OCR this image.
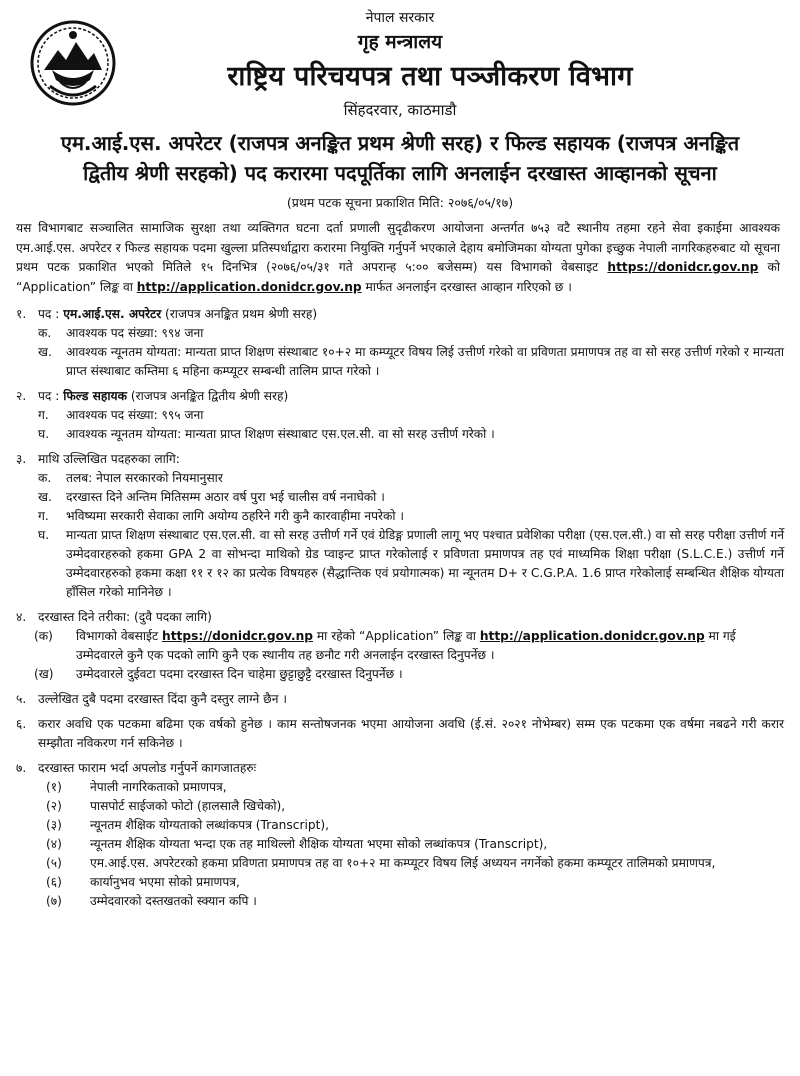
नेपाल सरकार
गृह मन्त्रालय
राष्ट्रिय परिचयपत्र तथा पञ्जीकरण विभाग
सिंहदरवार, काठमाडौ
एम.आई.एस. अपरेटर (राजपत्र अनङ्कित प्रथम श्रेणी सरह) र फिल्ड सहायक (राजपत्र अनङ्कित
द्वितीय श्रेणी सरहको) पद करारमा पदपूर्तिका लागि अनलाईन दरखास्त आव्हानको सूचना
(प्रथम पटक सूचना प्रकाशित मिति: २०७६/०५/१७)

यस विभागबाट सञ्चालित सामाजिक सुरक्षा तथा व्यक्तिगत घटना दर्ता प्रणाली सुदृढीकरण आयोजना अन्तर्गत ७५३ वटै स्थानीय तहमा रहने सेवा इकाईमा आवश्यक एम.आई.एस. अपरेटर र फिल्ड सहायक पदमा खुल्ला प्रतिस्पर्धाद्वारा करारमा नियुक्ति गर्नुपर्ने भएकाले देहाय बमोजिमका योग्यता पुगेका इच्छुक नेपाली नागरिकहरुबाट यो सूचना प्रथम पटक प्रकाशित भएको मितिले १५ दिनभित्र (२०७६/०५/३१ गते अपरान्ह ५:०० बजेसम्म) यस विभागको वेबसाइट https://donidcr.gov.np को “Application” लिङ्क वा http://application.donidcr.gov.np मार्फत अनलाईन दरखास्त आव्हान गरिएको छ ।

१. पद : एम.आई.एस. अपरेटर (राजपत्र अनङ्कित प्रथम श्रेणी सरह)
क.	आवश्यक पद संख्या: ९९४ जना
ख.	आवश्यक न्यूनतम योग्यता: मान्यता प्राप्त शिक्षण संस्थाबाट १०+२ मा कम्प्यूटर विषय लिई उत्तीर्ण गरेको वा प्रविणता प्रमाणपत्र तह वा सो सरह उत्तीर्ण गरेको र मान्यता प्राप्त संस्थाबाट कम्तिमा ६ महिना कम्प्यूटर सम्बन्धी तालिम प्राप्त गरेको ।
२. पद : फिल्ड सहायक (राजपत्र अनङ्कित द्वितीय श्रेणी सरह)
ग.	आवश्यक पद संख्या: ९९५ जना
घ.	आवश्यक न्यूनतम योग्यता: मान्यता प्राप्त शिक्षण संस्थाबाट एस.एल.सी. वा सो सरह उत्तीर्ण गरेको ।
३. माथि उल्लिखित पदहरुका लागि:
क.	तलब: नेपाल सरकारको नियमानुसार
ख.	दरखास्त दिने अन्तिम मितिसम्म अठार वर्ष पुरा भई चालीस वर्ष ननाघेको ।
ग.	भविष्यमा सरकारी सेवाका लागि अयोग्य ठहरिने गरी कुनै कारवाहीमा नपरेको ।
घ.	मान्यता प्राप्त शिक्षण संस्थाबाट एस.एल.सी. वा सो सरह उत्तीर्ण गर्ने एवं ग्रेडिङ्ग प्रणाली लागू भए पश्चात प्रवेशिका परीक्षा (एस.एल.सी.) वा सो सरह परीक्षा उत्तीर्ण गर्ने उम्मेदवारहरुको हकमा GPA 2 वा सोभन्दा माथिको ग्रेड प्वाइन्ट प्राप्त गरेकोलाई र प्रविणता प्रमाणपत्र तह एवं माध्यमिक शिक्षा परीक्षा (S.L.C.E.) उत्तीर्ण गर्ने उम्मेदवारहरुको हकमा कक्षा ११ र १२ का प्रत्येक विषयहरु (सैद्धान्तिक एवं प्रयोगात्मक) मा न्यूनतम D+ र C.G.P.A. 1.6 प्राप्त गरेकोलाई सम्बन्धित शैक्षिक योग्यता हाँसिल गरेको मानिनेछ ।
४. दरखास्त दिने तरीका: (दुवै पदका लागि)
(क)	विभागको वेबसाईट https://donidcr.gov.np मा रहेको “Application” लिङ्क वा http://application.donidcr.gov.np मा गई उम्मेदवारले कुनै एक पदको लागि कुनै एक स्थानीय तह छनौट गरी अनलाईन दरखास्त दिनुपर्नेछ ।
(ख)	उम्मेदवारले दुईवटा पदमा दरखास्त दिन चाहेमा छुट्टाछुट्टै दरखास्त दिनुपर्नेछ ।
५. उल्लेखित दुबै पदमा दरखास्त दिंदा कुनै दस्तुर लाग्ने छैन ।
६. करार अवधि एक पटकमा बढिमा एक वर्षको हुनेछ । काम सन्तोषजनक भएमा आयोजना अवधि (ई.सं. २०२१ नोभेम्बर) सम्म एक पटकमा एक वर्षमा नबढने गरी करार सम्झौता नविकरण गर्न सकिनेछ ।
७. दरखास्त फाराम भर्दा अपलोड गर्नुपर्ने कागजातहरुः
(१)	नेपाली नागरिकताको प्रमाणपत्र,
(२)	पासपोर्ट साईजको फोटो (हालसालै खिचेको),
(३)	न्यूनतम शैक्षिक योग्यताको लब्धांकपत्र (Transcript),
(४)	न्यूनतम शैक्षिक योग्यता भन्दा एक तह माथिल्लो शैक्षिक योग्यता भएमा सोको लब्धांकपत्र (Transcript),
(५)	एम.आई.एस. अपरेटरको हकमा प्रविणता प्रमाणपत्र तह वा १०+२ मा कम्प्यूटर विषय लिई अध्ययन नगर्नेको हकमा कम्प्यूटर तालिमको प्रमाणपत्र,
(६)	कार्यानुभव भएमा सोको प्रमाणपत्र,
(७)	उम्मेदवारको दस्तखतको स्क्यान कपि ।
